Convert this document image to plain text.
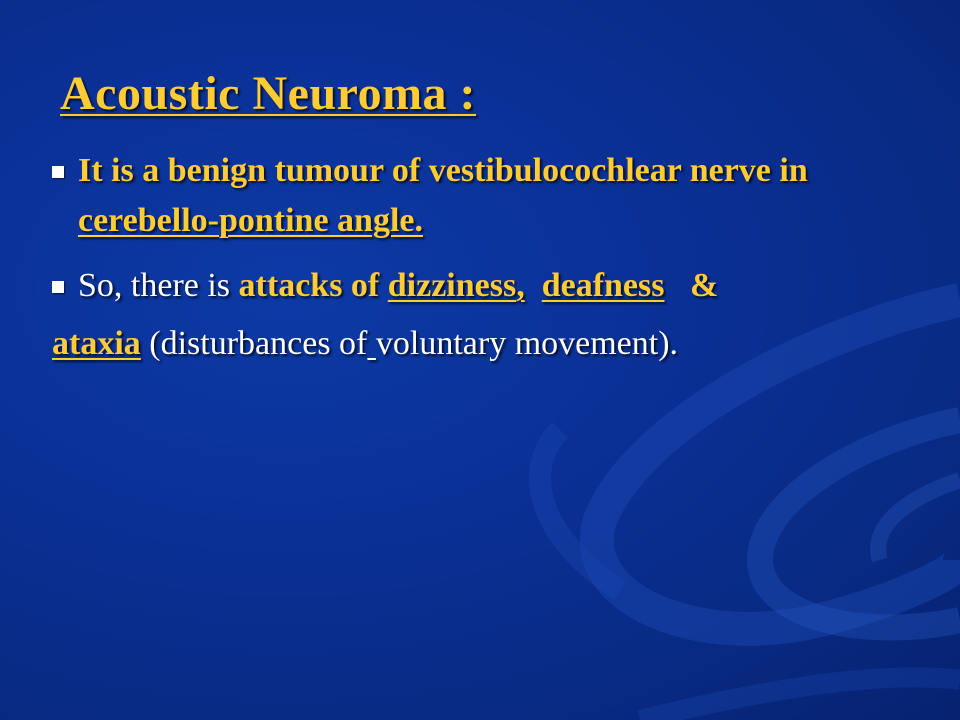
Acoustic Neuroma :
It is a benign tumour of vestibulocochlear nerve in cerebello-pontine angle.
So, there is attacks of dizziness, deafness &
ataxia (disturbances of voluntary movement).
